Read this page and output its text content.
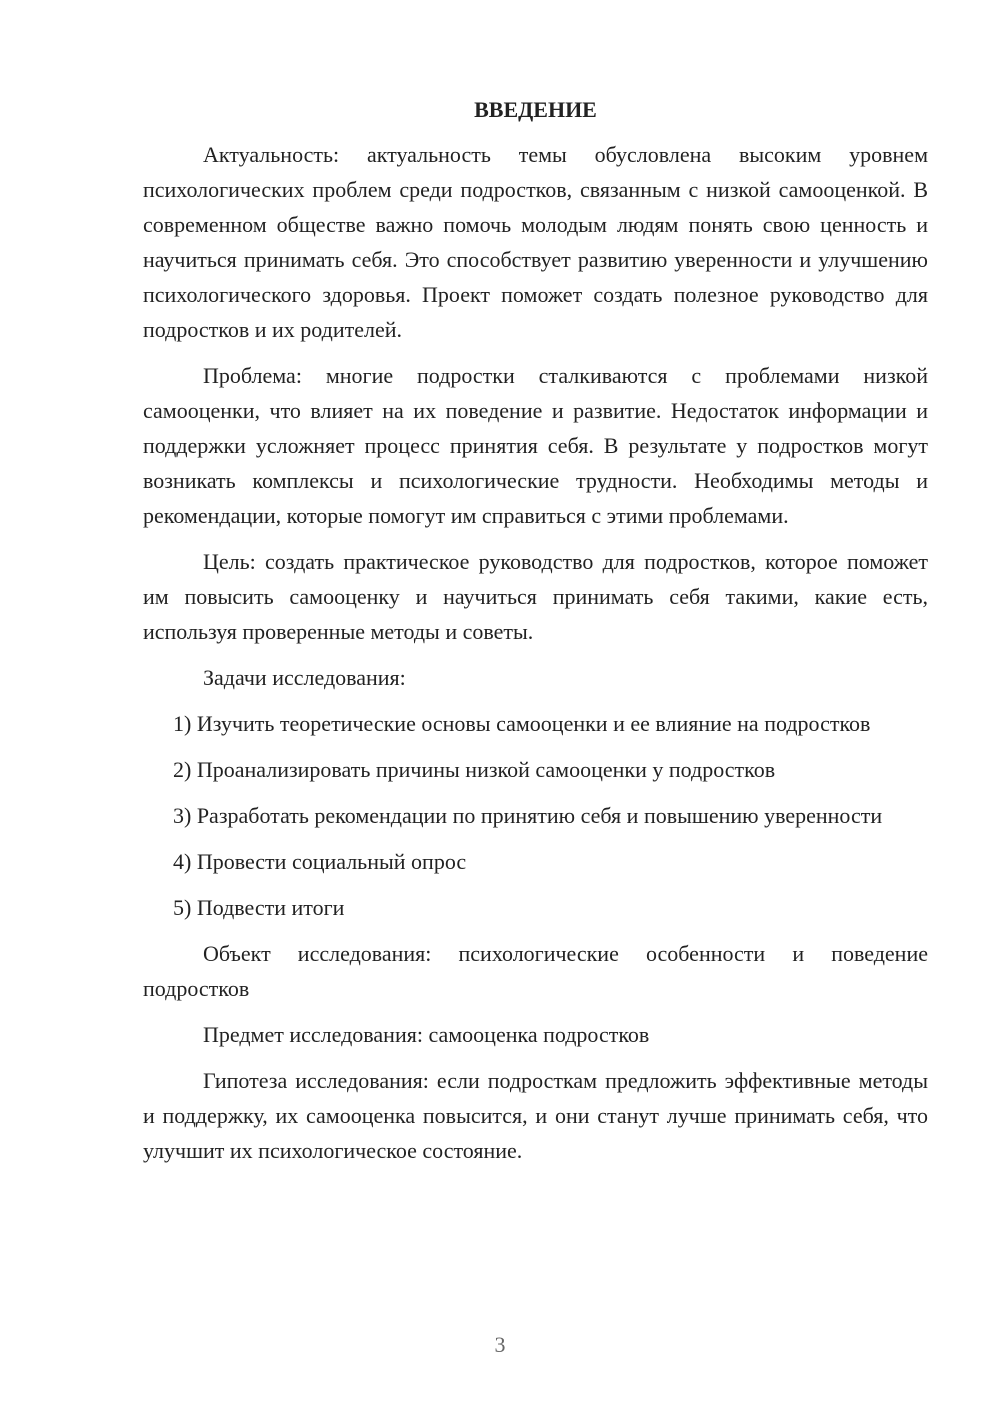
ВВЕДЕНИЕ

Актуальность: актуальность темы обусловлена высоким уровнем психологических проблем среди подростков, связанным с низкой самооценкой. В современном обществе важно помочь молодым людям понять свою ценность и научиться принимать себя. Это способствует развитию уверенности и улучшению психологического здоровья. Проект поможет создать полезное руководство для подростков и их родителей.

Проблема: многие подростки сталкиваются с проблемами низкой самооценки, что влияет на их поведение и развитие. Недостаток информации и поддержки усложняет процесс принятия себя. В результате у подростков могут возникать комплексы и психологические трудности. Необходимы методы и рекомендации, которые помогут им справиться с этими проблемами.

Цель: создать практическое руководство для подростков, которое поможет им повысить самооценку и научиться принимать себя такими, какие есть, используя проверенные методы и советы.

Задачи исследования:

1) Изучить теоретические основы самооценки и ее влияние на подростков

2) Проанализировать причины низкой самооценки у подростков

3) Разработать рекомендации по принятию себя и повышению уверенности

4) Провести социальный опрос

5) Подвести итоги

Объект исследования: психологические особенности и поведение подростков

Предмет исследования: самооценка подростков

Гипотеза исследования: если подросткам предложить эффективные методы и поддержку, их самооценка повысится, и они станут лучше принимать себя, что улучшит их психологическое состояние.

3
